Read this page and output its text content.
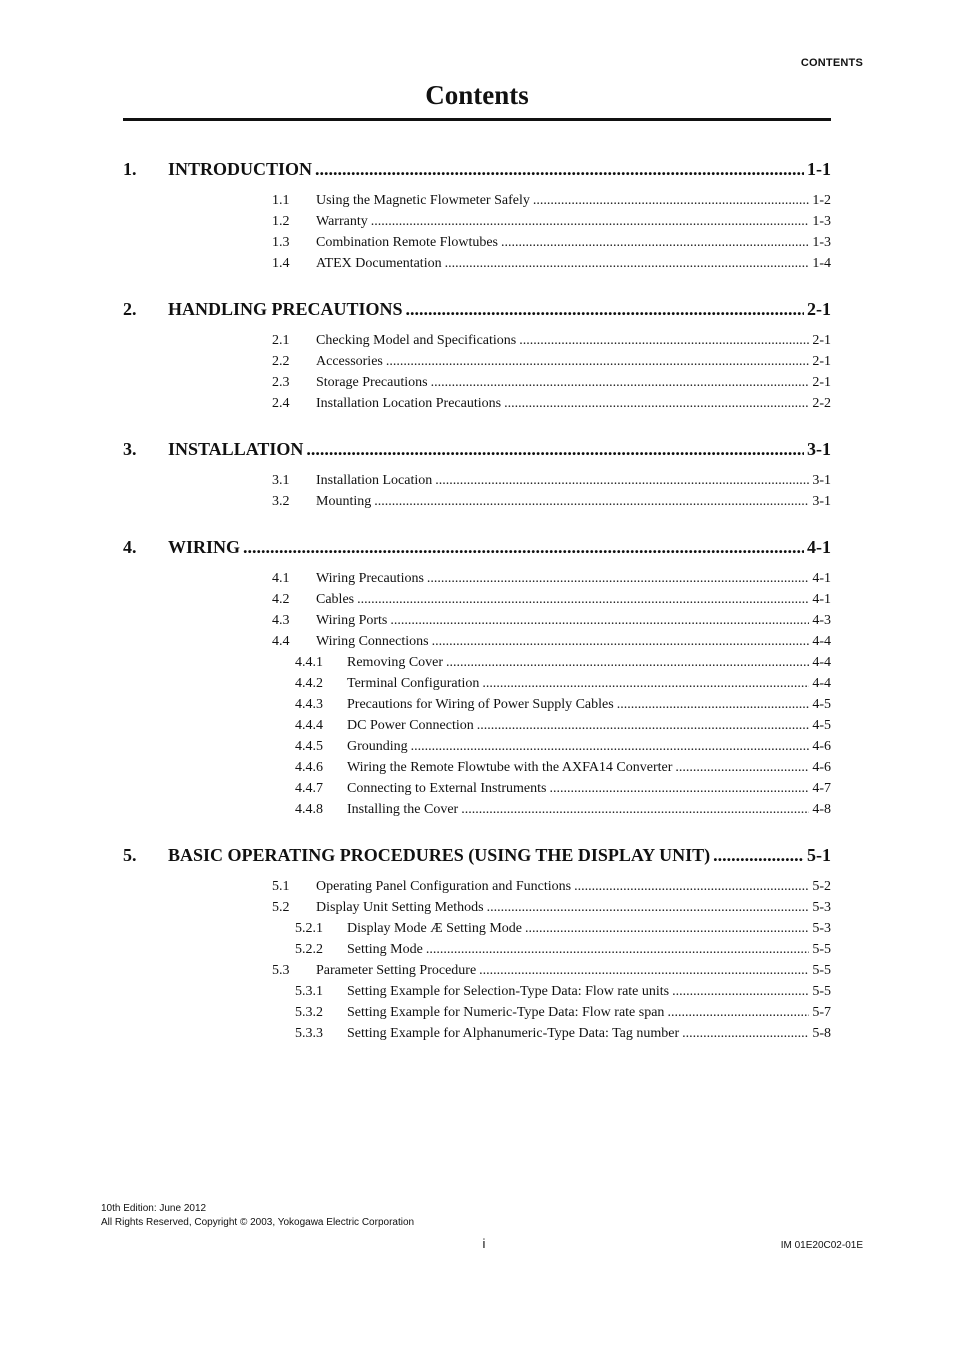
CONTENTS
Contents
1.	INTRODUCTION .....	1-1
1.1	Using the Magnetic Flowmeter Safely .....	1-2
1.2	Warranty .....	1-3
1.3	Combination Remote Flowtubes .....	1-3
1.4	ATEX Documentation .....	1-4
2.	HANDLING PRECAUTIONS .....	2-1
2.1	Checking Model and Specifications .....	2-1
2.2	Accessories .....	2-1
2.3	Storage Precautions .....	2-1
2.4	Installation Location Precautions .....	2-2
3.	INSTALLATION .....	3-1
3.1	Installation Location .....	3-1
3.2	Mounting .....	3-1
4.	WIRING .....	4-1
4.1	Wiring Precautions .....	4-1
4.2	Cables .....	4-1
4.3	Wiring Ports .....	4-3
4.4	Wiring Connections .....	4-4
4.4.1	Removing Cover .....	4-4
4.4.2	Terminal Configuration .....	4-4
4.4.3	Precautions for Wiring of Power Supply Cables .....	4-5
4.4.4	DC Power Connection .....	4-5
4.4.5	Grounding .....	4-6
4.4.6	Wiring the Remote Flowtube with the AXFA14 Converter .....	4-6
4.4.7	Connecting to External Instruments .....	4-7
4.4.8	Installing the Cover .....	4-8
5.	BASIC OPERATING PROCEDURES (USING THE DISPLAY UNIT) .....	5-1
5.1	Operating Panel Configuration and Functions .....	5-2
5.2	Display Unit Setting Methods .....	5-3
5.2.1	Display Mode Æ Setting Mode .....	5-3
5.2.2	Setting Mode .....	5-5
5.3	Parameter Setting Procedure .....	5-5
5.3.1	Setting Example for Selection-Type Data: Flow rate units .....	5-5
5.3.2	Setting Example for Numeric-Type Data: Flow rate span .....	5-7
5.3.3	Setting Example for Alphanumeric-Type Data: Tag number .....	5-8
10th Edition: June 2012
All Rights Reserved, Copyright © 2003, Yokogawa Electric Corporation
i	IM 01E20C02-01E
